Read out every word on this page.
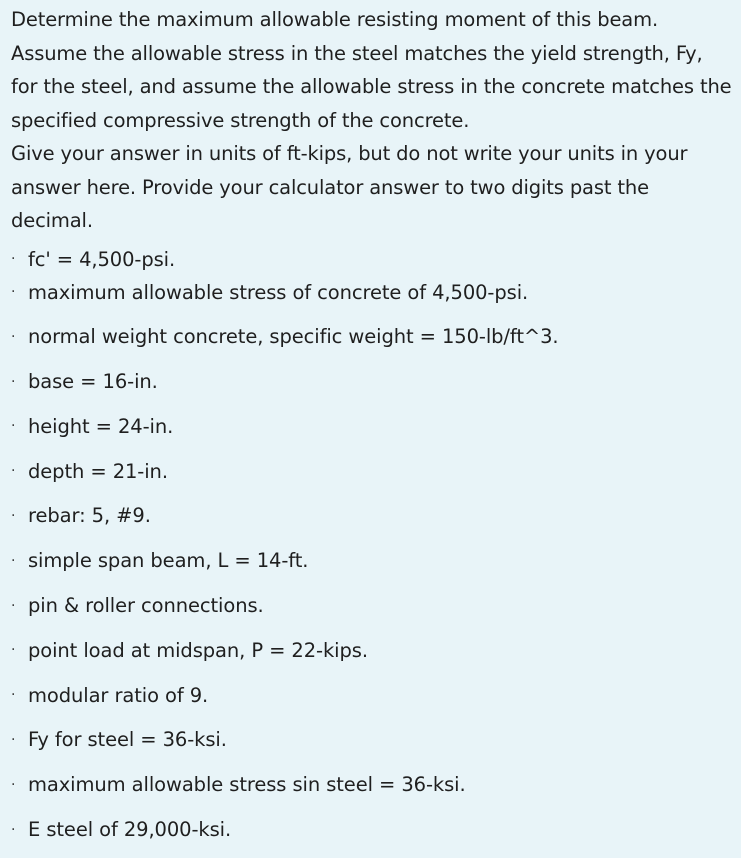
Determine the maximum allowable resisting moment of this beam.

Assume the allowable stress in the steel matches the yield strength, Fy,

for the steel, and assume the allowable stress in the concrete matches the

specified compressive strength of the concrete.

Give your answer in units of ft-kips, but do not write your units in your

answer here. Provide your calculator answer to two digits past the

decimal.

· fc' = 4,500-psi.
· maximum allowable stress of concrete of 4,500-psi.
· normal weight concrete, specific weight = 150-lb/ft^3.
· base = 16-in.
· height = 24-in.
· depth = 21-in.
· rebar: 5, #9.
· simple span beam, L = 14-ft.
· pin & roller connections.
· point load at midspan, P = 22-kips.
· modular ratio of 9.
· Fy for steel = 36-ksi.
· maximum allowable stress sin steel = 36-ksi.
· E steel of 29,000-ksi.
